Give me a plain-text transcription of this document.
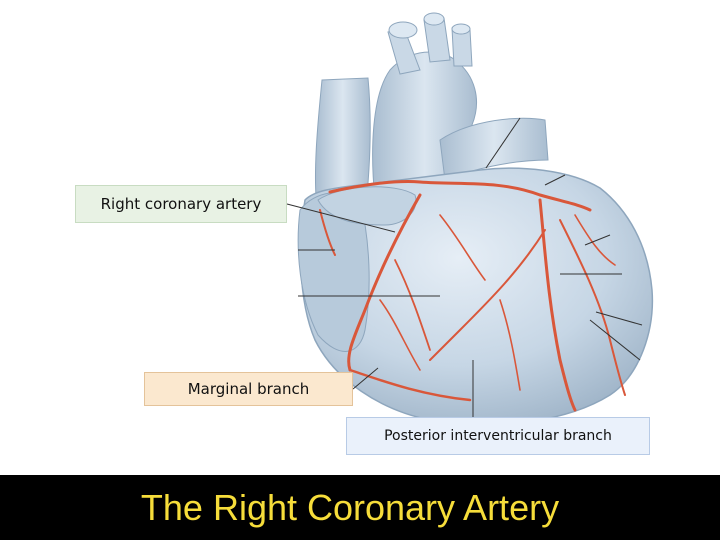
Right coronary artery
Marginal branch
Posterior interventricular branch
A	18
The Right Coronary Artery
